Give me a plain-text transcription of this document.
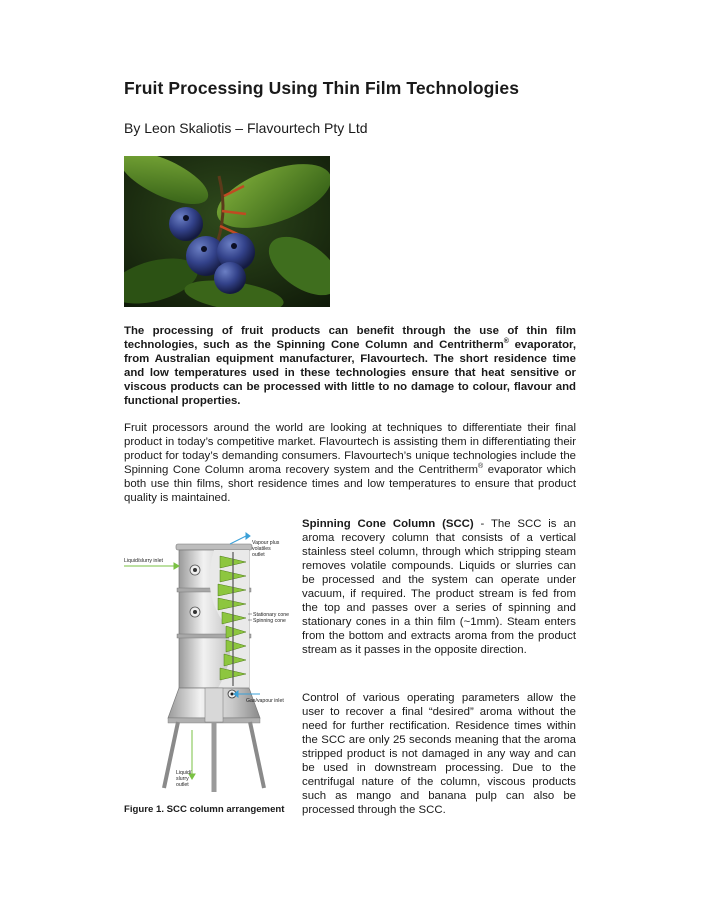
Fruit Processing Using Thin Film Technologies
By Leon Skaliotis – Flavourtech Pty Ltd
The processing of fruit products can benefit through the use of thin film technologies, such as the Spinning Cone Column and Centritherm® evaporator, from Australian equipment manufacturer, Flavourtech. The short residence time and low temperatures used in these technologies ensure that heat sensitive or viscous products can be processed with little to no damage to colour, flavour and functional properties.
Fruit processors around the world are looking at techniques to differentiate their final product in today’s competitive market. Flavourtech is assisting them in differentiating their product for today’s demanding consumers. Flavourtech’s unique technologies include the Spinning Cone Column aroma recovery system and the Centritherm® evaporator which both use thin films, short residence times and low temperatures to ensure that product quality is maintained.
Vapour plus
volatiles
outlet
Liquid/slurry inlet
Stationary cone
Spinning cone
Gas/vapour inlet
Liquid/
slurry
outlet
Figure 1. SCC column arrangement
Spinning Cone Column (SCC) - The SCC is an aroma recovery column that consists of a vertical stainless steel column, through which stripping steam removes volatile compounds. Liquids or slurries can be processed and the system can operate under vacuum, if required. The product stream is fed from the top and passes over a series of spinning and stationary cones in a thin film (~1mm). Steam enters from the bottom and extracts aroma from the product stream as it passes in the opposite direction.
Control of various operating parameters allow the user to recover a final “desired” aroma without the need for further rectification. Residence times within the SCC are only 25 seconds meaning that the aroma stripped product is not damaged in any way and can be used in downstream processing. Due to the centrifugal nature of the column, viscous products such as mango and banana pulp can also be processed through the SCC.
